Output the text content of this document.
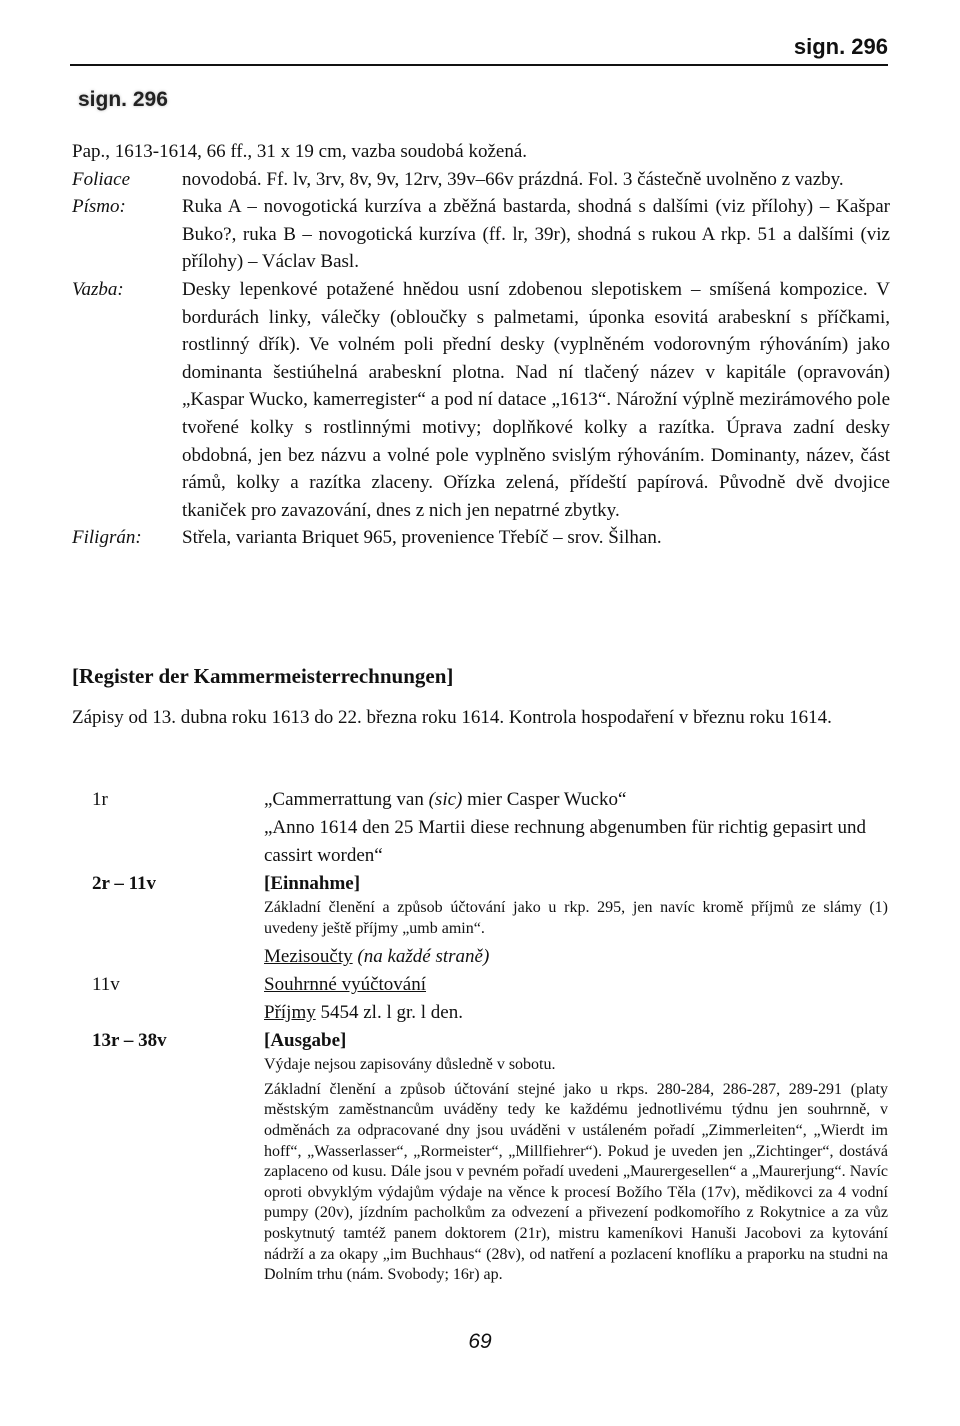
sign. 296
sign. 296
Pap., 1613-1614, 66 ff., 31 x 19 cm, vazba soudobá kožená.
Foliace	novodobá. Ff. lv, 3rv, 8v, 9v, 12rv, 39v–66v prázdná. Fol. 3 částečně uvolněno z vazby.
Písmo:	Ruka A – novogotická kurzíva a zběžná bastarda, shodná s dalšími (viz přílohy) – Kašpar Buko?, ruka B – novogotická kurzíva (ff. lr, 39r), shodná s rukou A rkp. 51 a dalšími (viz přílohy) – Václav Basl.
Vazba:	Desky lepenkové potažené hnědou usní zdobenou slepotiskem – smíšená kompozice. V bordurách linky, válečky (obloučky s palmetami, úponka esovitá arabeskní s příčkami, rostlinný dřík). Ve volném poli přední desky (vyplněném vodorovným rýhováním) jako dominanta šestiúhelná arabeskní plotna. Nad ní tlačený název v kapitále (opravován) „Kaspar Wucko, kamerregister“ a pod ní datace „1613“. Nárožní výplně mezirámového pole tvořené kolky s rostlinnými motivy; doplňkové kolky a razítka. Úprava zadní desky obdobná, jen bez názvu a volné pole vyplněno svislým rýhováním. Dominanty, název, část rámů, kolky a razítka zlaceny. Ořízka zelená, přídeští papírová. Původně dvě dvojice tkaniček pro zavazování, dnes z nich jen nepatrné zbytky.
Filigrán:	Střela, varianta Briquet 965, provenience Třebíč – srov. Šilhan.
[Register der Kammermeisterrechnungen]
Zápisy od 13. dubna roku 1613 do 22. března roku 1614. Kontrola hospodaření v březnu roku 1614.
1r	„Cammerrattung van (sic) mier Casper Wucko“
„Anno 1614 den 25 Martii diese rechnung abgenumben für richtig gepasirt und cassirt worden“
2r – 11v	[Einnahme]
Základní členění a způsob účtování jako u rkp. 295, jen navíc kromě příjmů ze slámy (1) uvedeny ještě příjmy „umb amin“.
Mezisoučty (na každé straně)
11v	Souhrnné vyúčtování
Příjmy 5454 zl. l gr. l den.
13r – 38v	[Ausgabe]
Výdaje nejsou zapisovány důsledně v sobotu.
Základní členění a způsob účtování stejné jako u rkps. 280-284, 286-287, 289-291 (platy městským zaměstnancům uváděny tedy ke každému jednotlivému týdnu jen souhrnně, v odměnách za odpracované dny jsou uváděni v ustáleném pořadí „Zimmerleiten“, „Wierdt im hoff“, „Wasserlasser“, „Rormeister“, „Millfiehrer“). Pokud je uveden jen „Zichtinger“, dostává zaplaceno od kusu. Dále jsou v pevném pořadí uvedeni „Maurergesellen“ a „Maurerjung“. Navíc oproti obvyklým výdajům výdaje na věnce k procesí Božího Těla (17v), mědikovci za 4 vodní pumpy (20v), jízdním pacholkům za odvezení a přivezení podkomořího z Rokytnice a za vůz poskytnutý tamtéž panem doktorem (21r), mistru kameníkovi Hanuši Jacobovi za kytování nádrží a za okapy „im Buchhaus“ (28v), od natření a pozlacení knoflíku a praporku na studni na Dolním trhu (nám. Svobody; 16r) ap.
69
